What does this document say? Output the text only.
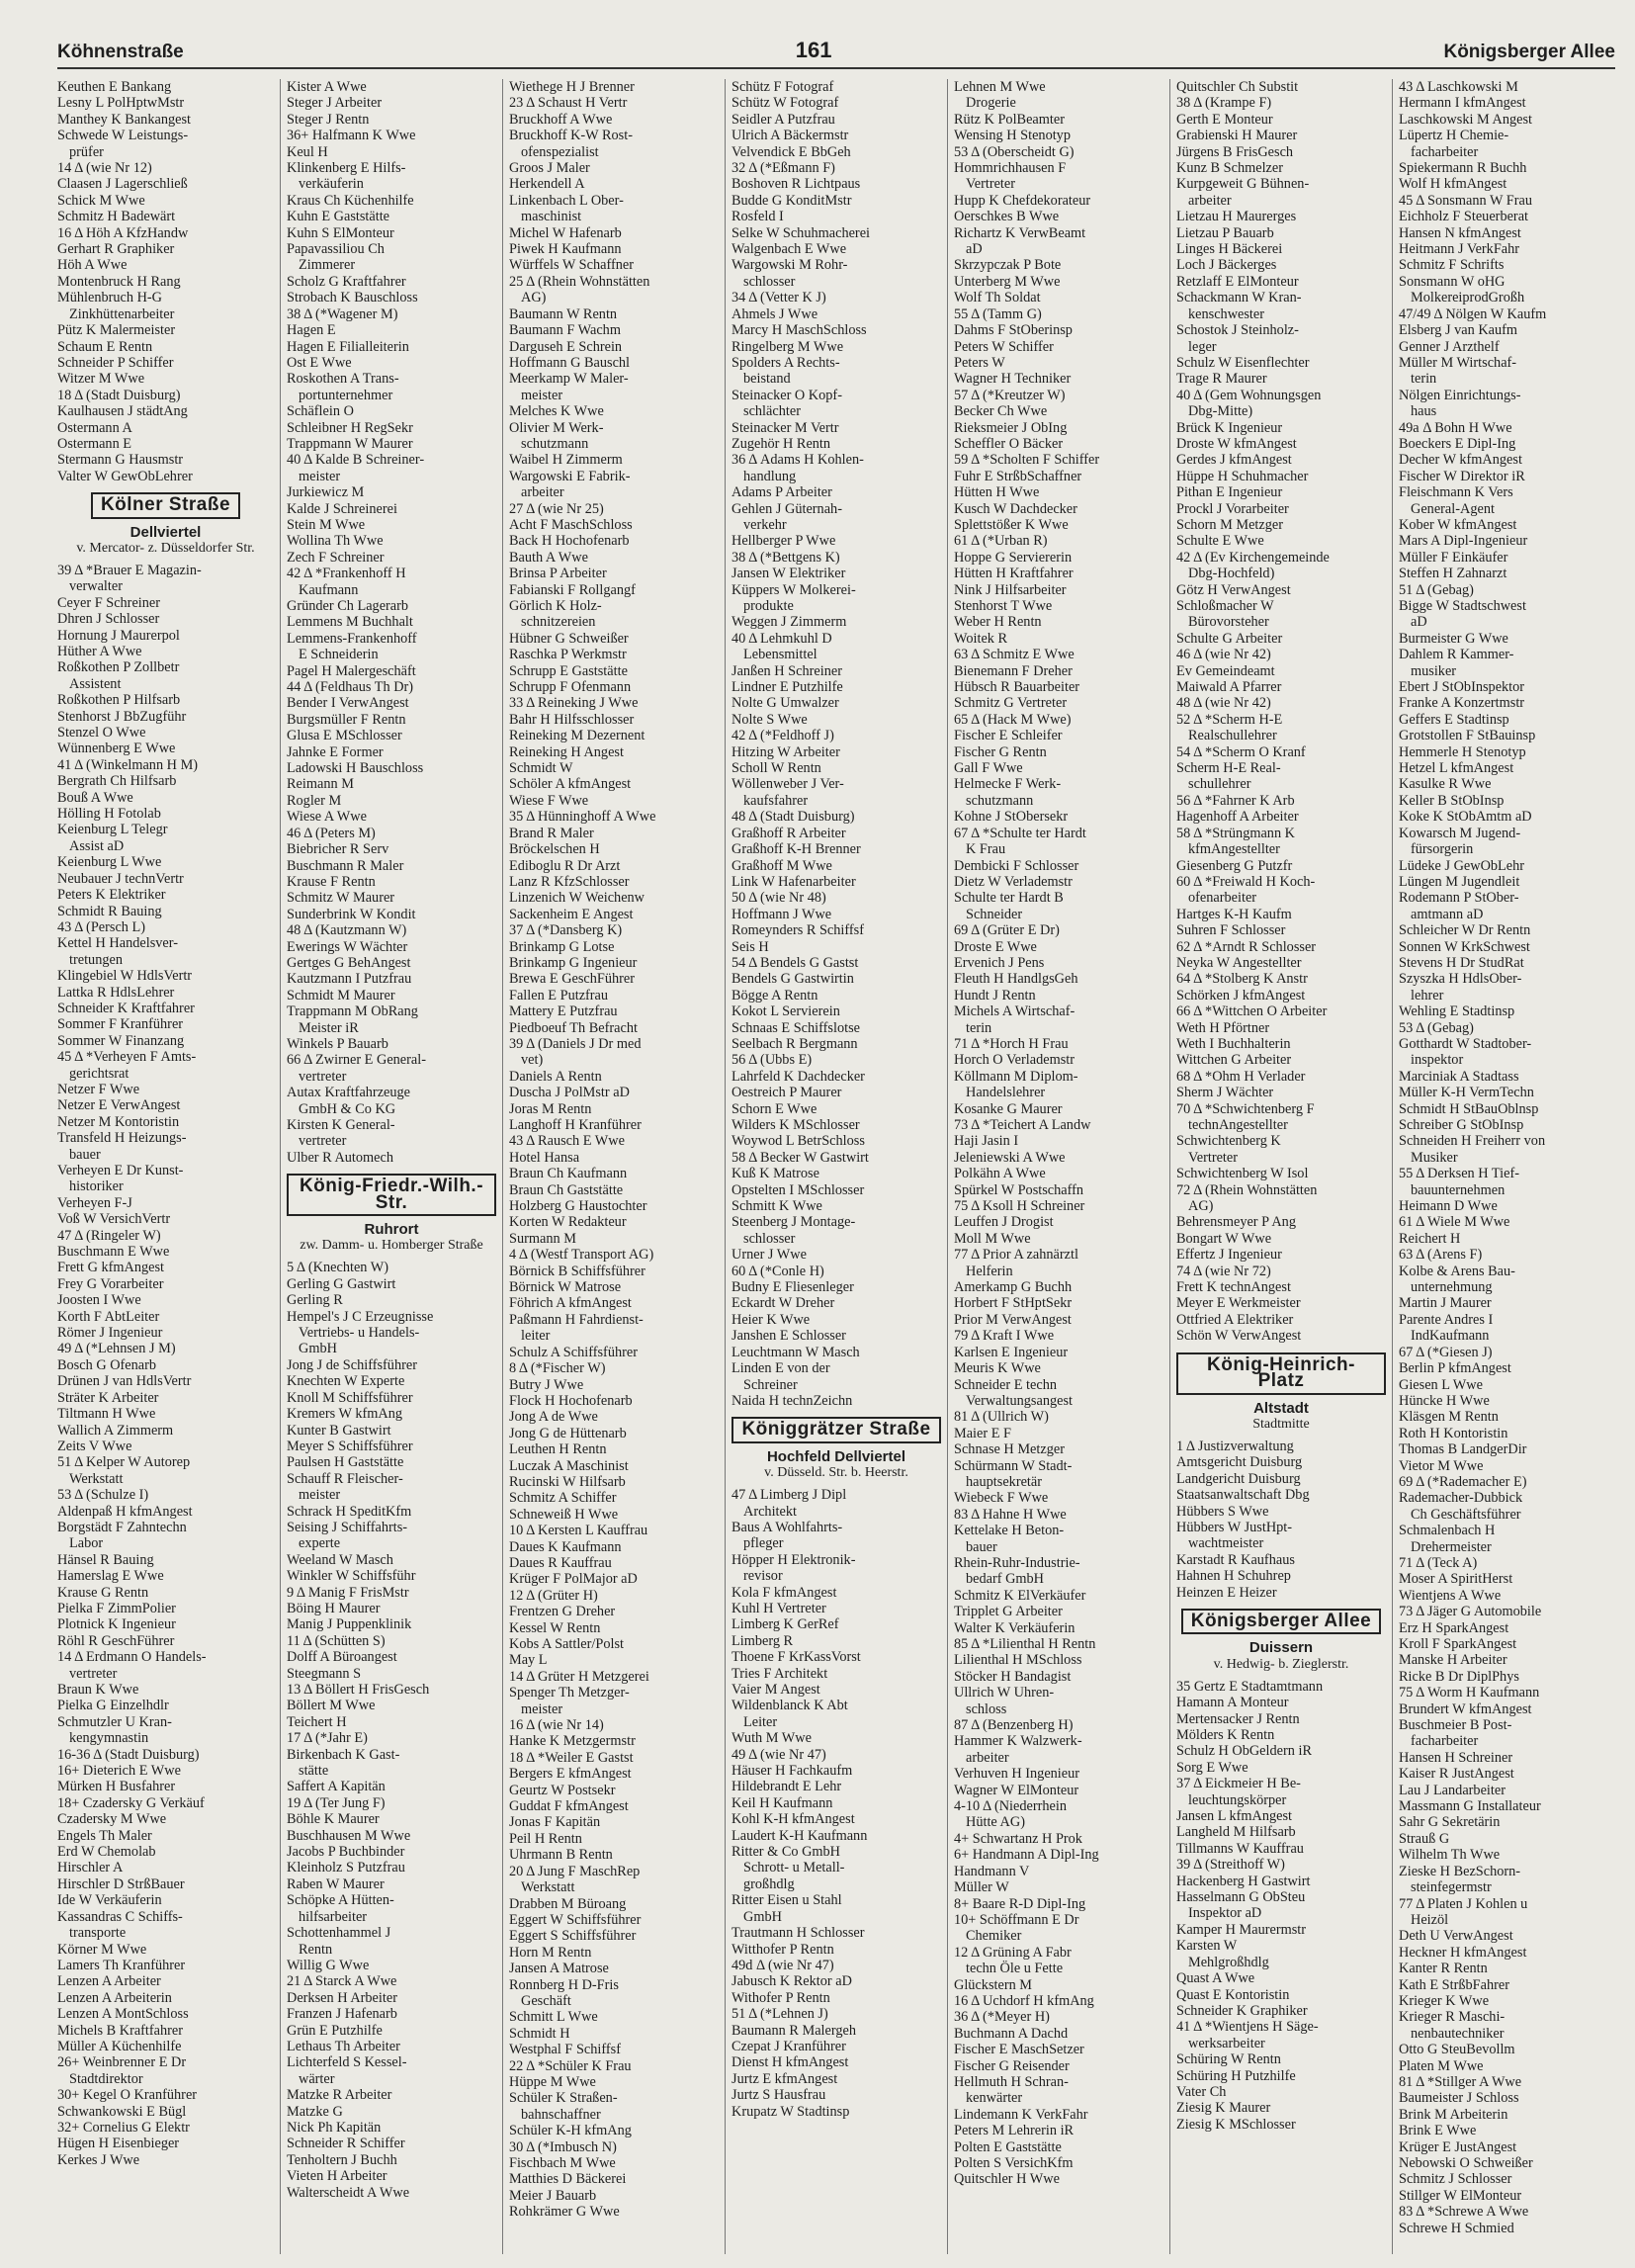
Köhnenstraße	161	Königsberger Allee
Keuthen E Bankang
Lesny L PolHptwMstr
Manthey K Bankangest
Schwede W Leistungs-
prüfer
14 Δ (wie Nr 12)
Claasen J Lagerschließ
Schick M Wwe
Schmitz H Badewärt
16 Δ Höh A KfzHandw
Gerhart R Graphiker
Höh A Wwe
Montenbruck H Rang
Mühlenbruch H-G
Zinkhüttenarbeiter
Pütz K Malermeister
Schaum E Rentn
Schneider P Schiffer
Witzer M Wwe
18 Δ (Stadt Duisburg)
Kaulhausen J städtAng
Ostermann A
Ostermann E
Stermann G Hausmstr
Valter W GewObLehrer
Kölner Straße
Dellviertel
v. Mercator- z. Düsseldorfer Str.
39 Δ *Brauer E Magazin-
verwalter
Ceyer F Schreiner
Dhren J Schlosser
Hornung J Maurerpol
Hüther A Wwe
Roßkothen P Zollbetr
Assistent
Roßkothen P Hilfsarb
Stenhorst J BbZugführ
Stenzel O Wwe
Wünnenberg E Wwe
41 Δ (Winkelmann H M)
Bergrath Ch Hilfsarb
Bouß A Wwe
Hölling H Fotolab
Keienburg L Telegr
Assist aD
Keienburg L Wwe
Neubauer J technVertr
Peters K Elektriker
Schmidt R Bauing
43 Δ (Persch L)
Kettel H Handelsver-
tretungen
Klingebiel W HdlsVertr
Lattka R HdlsLehrer
Schneider K Kraftfahrer
Sommer F Kranführer
Sommer W Finanzang
45 Δ *Verheyen F Amts-
gerichtsrat
Netzer F Wwe
Netzer E VerwAngest
Netzer M Kontoristin
Transfeld H Heizungs-
bauer
Verheyen E Dr Kunst-
historiker
Verheyen F-J
Voß W VersichVertr
47 Δ (Ringeler W)
Buschmann E Wwe
Frett G kfmAngest
Frey G Vorarbeiter
Joosten I Wwe
Korth F AbtLeiter
Römer J Ingenieur
49 Δ (*Lehnsen J M)
Bosch G Ofenarb
Drünen J van HdlsVertr
Sträter K Arbeiter
Tiltmann H Wwe
Wallich A Zimmerm
Zeits V Wwe
51 Δ Kelper W Autorep
Werkstatt
53 Δ (Schulze I)
Aldenpaß H kfmAngest
Borgstädt F Zahntechn
Labor
Hänsel R Bauing
Hamerslag E Wwe
Krause G Rentn
Pielka F ZimmPolier
Plotnick K Ingenieur
Röhl R GeschFührer
14 Δ Erdmann O Handels-
vertreter
Braun K Wwe
Pielka G Einzelhdlr
Schmutzler U Kran-
kengymnastin
16-36 Δ (Stadt Duisburg)
16+ Dieterich E Wwe
Mürken H Busfahrer
18+ Czadersky G Verkäuf
Czadersky M Wwe
Engels Th Maler
Erd W Chemolab
Hirschler A
Hirschler D StrßBauer
Ide W Verkäuferin
Kassandras C Schiffs-
transporte
Körner M Wwe
Lamers Th Kranführer
Lenzen A Arbeiter
Lenzen A Arbeiterin
Lenzen A MontSchloss
Michels B Kraftfahrer
Müller A Küchenhilfe
26+ Weinbrenner E Dr
Stadtdirektor
30+ Kegel O Kranführer
Schwankowski E Bügl
32+ Cornelius G Elektr
Hügen H Eisenbieger
Kerkes J Wwe
Kister A Wwe
Steger J Arbeiter
Steger J Rentn
36+ Halfmann K Wwe
Keul H
Klinkenberg E Hilfs-
verkäuferin
Kraus Ch Küchenhilfe
Kuhn E Gaststätte
Kuhn S ElMonteur
Papavassiliou Ch
Zimmerer
Scholz G Kraftfahrer
Strobach K Bauschloss
38 Δ (*Wagener M)
Hagen E
Hagen E Filialleiterin
Ost E Wwe
Roskothen A Trans-
portunternehmer
Schäflein O
Schleibner H RegSekr
Trappmann W Maurer
40 Δ Kalde B Schreiner-
meister
Jurkiewicz M
Kalde J Schreinerei
Stein M Wwe
Wollina Th Wwe
Zech F Schreiner
42 Δ *Frankenhoff H
Kaufmann
Gründer Ch Lagerarb
Lemmens M Buchhalt
Lemmens-Frankenhoff
E Schneiderin
Pagel H Malergeschäft
44 Δ (Feldhaus Th Dr)
Bender I VerwAngest
Burgsmüller F Rentn
Glusa E MSchlosser
Jahnke E Former
Ladowski H Bauschloss
Reimann M
Rogler M
Wiese A Wwe
46 Δ (Peters M)
Biebricher R Serv
Buschmann R Maler
Krause F Rentn
Schmitz W Maurer
Sunderbrink W Kondit
48 Δ (Kautzmann W)
Ewerings W Wächter
Gertges G BehAngest
Kautzmann I Putzfrau
Schmidt M Maurer
Trappmann M ObRang
Meister iR
Winkels P Bauarb
66 Δ Zwirner E General-
vertreter
Autax Kraftfahrzeuge
GmbH & Co KG
Kirsten K General-
vertreter
Ulber R Automech
König-Friedr.-Wilh.-Str.
Ruhrort
zw. Damm- u. Homberger Straße
5 Δ (Knechten W)
Gerling G Gastwirt
Gerling R
Hempel's J C Erzeugnisse
Vertriebs- u Handels-
GmbH
Jong J de Schiffsführer
Knechten W Experte
Knoll M Schiffsführer
Kremers W kfmAng
Kunter B Gastwirt
Meyer S Schiffsführer
Paulsen H Gaststätte
Schauff R Fleischer-
meister
Schrack H SpeditKfm
Seising J Schiffahrts-
experte
Weeland W Masch
Winkler W Schiffsführ
9 Δ Manig F FrisMstr
Böing H Maurer
Manig J Puppenklinik
11 Δ (Schütten S)
Dolff A Büroangest
Steegmann S
13 Δ Böllert H FrisGesch
Böllert M Wwe
Teichert H
17 Δ (*Jahr E)
Birkenbach K Gast-
stätte
Saffert A Kapitän
19 Δ (Ter Jung F)
Böhle K Maurer
Buschhausen M Wwe
Jacobs P Buchbinder
Kleinholz S Putzfrau
Raben W Maurer
Schöpke A Hütten-
hilfsarbeiter
Schottenhammel J
Rentn
Willig G Wwe
21 Δ Starck A Wwe
Derksen H Arbeiter
Franzen J Hafenarb
Grün E Putzhilfe
Lethaus Th Arbeiter
Lichterfeld S Kessel-
wärter
Matzke R Arbeiter
Matzke G
Nick Ph Kapitän
Schneider R Schiffer
Tenholtern J Buchh
Vieten H Arbeiter
Walterscheidt A Wwe
Wiethege H J Brenner
23 Δ Schaust H Vertr
Bruckhoff A Wwe
Bruckhoff K-W Rost-
ofenspezialist
Groos J Maler
Herkendell A
Linkenbach L Ober-
maschinist
Michel W Hafenarb
Piwek H Kaufmann
Würffels W Schaffner
25 Δ (Rhein Wohnstätten
AG)
Baumann W Rentn
Baumann F Wachm
Darguseh E Schrein
Hoffmann G Bauschl
Meerkamp W Maler-
meister
Melches K Wwe
Olivier M Werk-
schutzmann
Waibel H Zimmerm
Wargowski E Fabrik-
arbeiter
27 Δ (wie Nr 25)
Acht F MaschSchloss
Back H Hochofenarb
Bauth A Wwe
Brinsa P Arbeiter
Fabianski F Rollgangf
Görlich K Holz-
schnitzereien
Hübner G Schweißer
Raschka P Werkmstr
Schrupp E Gaststätte
Schrupp F Ofenmann
33 Δ Reineking J Wwe
Bahr H Hilfsschlosser
Reineking M Dezernent
Reineking H Angest
Schmidt W
Schöler A kfmAngest
Wiese F Wwe
35 Δ Hünninghoff A Wwe
Brand R Maler
Bröckelschen H
Ediboglu R Dr Arzt
Lanz R KfzSchlosser
Linzenich W Weichenw
Sackenheim E Angest
37 Δ (*Dansberg K)
Brinkamp G Lotse
Brinkamp G Ingenieur
Brewa E GeschFührer
Fallen E Putzfrau
Mattery E Putzfrau
Piedboeuf Th Befracht
39 Δ (Daniels J Dr med
vet)
Daniels A Rentn
Duscha J PolMstr aD
Joras M Rentn
Langhoff H Kranführer
43 Δ Rausch E Wwe
Hotel Hansa
Braun Ch Kaufmann
Braun Ch Gaststätte
Holzberg G Haustochter
Korten W Redakteur
Surmann M
4 Δ (Westf Transport AG)
Börnick B Schiffsführer
Börnick W Matrose
Föhrich A kfmAngest
Paßmann H Fahrdienst-
leiter
Schulz A Schiffsführer
8 Δ (*Fischer W)
Butry J Wwe
Flock H Hochofenarb
Jong A de Wwe
Jong G de Hüttenarb
Leuthen H Rentn
Luczak A Maschinist
Rucinski W Hilfsarb
Schmitz A Schiffer
Schneweiß H Wwe
10 Δ Kersten L Kauffrau
Daues K Kaufmann
Daues R Kauffrau
Krüger F PolMajor aD
12 Δ (Grüter H)
Frentzen G Dreher
Kessel W Rentn
Kobs A Sattler/Polst
May L
14 Δ Grüter H Metzgerei
Spenger Th Metzger-
meister
16 Δ (wie Nr 14)
Hanke K Metzgermstr
18 Δ *Weiler E Gastst
Bergers E kfmAngest
Geurtz W Postsekr
Guddat F kfmAngest
Jonas F Kapitän
Peil H Rentn
Uhrmann B Rentn
20 Δ Jung F MaschRep
Werkstatt
Drabben M Büroang
Eggert W Schiffsführer
Eggert S Schiffsführer
Horn M Rentn
Jansen A Matrose
Ronnberg H D-Fris
Geschäft
Schmitt L Wwe
Schmidt H
Westphal F Schiffsf
22 Δ *Schüler K Frau
Hüppe M Wwe
Schüler K Straßen-
bahnschaffner
Schüler K-H kfmAng
30 Δ (*Imbusch N)
Fischbach M Wwe
Matthies D Bäckerei
Meier J Bauarb
Rohkrämer G Wwe
Schütz F Fotograf
Schütz W Fotograf
Seidler A Putzfrau
Ulrich A Bäckermstr
Velvendick E BbGeh
32 Δ (*Eßmann F)
Boshoven R Lichtpaus
Budde G KonditMstr
Rosfeld I
Selke W Schuhmacherei
Walgenbach E Wwe
Wargowski M Rohr-
schlosser
34 Δ (Vetter K J)
Ahmels J Wwe
Marcy H MaschSchloss
Ringelberg M Wwe
Spolders A Rechts-
beistand
Steinacker O Kopf-
schlächter
Steinacker M Vertr
Zugehör H Rentn
36 Δ Adams H Kohlen-
handlung
Adams P Arbeiter
Gehlen J Güternah-
verkehr
Hellberger P Wwe
38 Δ (*Bettgens K)
Jansen W Elektriker
Küppers W Molkerei-
produkte
Weggen J Zimmerm
40 Δ Lehmkuhl D
Lebensmittel
Janßen H Schreiner
Lindner E Putzhilfe
Nolte G Umwalzer
Nolte S Wwe
42 Δ (*Feldhoff J)
Hitzing W Arbeiter
Scholl W Rentn
Wöllenweber J Ver-
kaufsfahrer
48 Δ (Stadt Duisburg)
Graßhoff R Arbeiter
Graßhoff K-H Brenner
Graßhoff M Wwe
Link W Hafenarbeiter
50 Δ (wie Nr 48)
Hoffmann J Wwe
Romeynders R Schiffsf
Seis H
54 Δ Bendels G Gastst
Bendels G Gastwirtin
Bögge A Rentn
Kokot L Servierein
Schnaas E Schiffslotse
Seelbach R Bergmann
56 Δ (Ubbs E)
Lahrfeld K Dachdecker
Oestreich P Maurer
Schorn E Wwe
Wilders K MSchlosser
Woywod L BetrSchloss
58 Δ Becker W Gastwirt
Kuß K Matrose
Opstelten I MSchlosser
Schmitt K Wwe
Steenberg J Montage-
schlosser
Urner J Wwe
60 Δ (*Conle H)
Budny E Fliesenleger
Eckardt W Dreher
Heier K Wwe
Janshen E Schlosser
Leuchtmann W Masch
Linden E von der
Schreiner
Naida H technZeichn
Königgrätzer Straße
Hochfeld Dellviertel
v. Düsseld. Str. b. Heerstr.
47 Δ Limberg J Dipl
Architekt
Baus A Wohlfahrts-
pfleger
Höpper H Elektronik-
revisor
Kola F kfmAngest
Kuhl H Vertreter
Limberg K GerRef
Limberg R
Thoene F KrKassVorst
Tries F Architekt
Vaier M Angest
Wildenblanck K Abt
Leiter
Wuth M Wwe
49 Δ (wie Nr 47)
Häuser H Fachkaufm
Hildebrandt E Lehr
Keil H Kaufmann
Kohl K-H kfmAngest
Laudert K-H Kaufmann
Ritter & Co GmbH
Schrott- u Metall-
großhdlg
Ritter Eisen u Stahl
GmbH
Trautmann H Schlosser
Witthofer P Rentn
49d Δ (wie Nr 47)
Jabusch K Rektor aD
Withofer P Rentn
51 Δ (*Lehnen J)
Baumann R Malergeh
Czepat J Kranführer
Dienst H kfmAngest
Jurtz E kfmAngest
Jurtz S Hausfrau
Krupatz W Stadtinsp
Lehnen M Wwe
Drogerie
Rütz K PolBeamter
Wensing H Stenotyp
53 Δ (Oberscheidt G)
Hommrichhausen F
Vertreter
Hupp K Chefdekorateur
Oerschkes B Wwe
Richartz K VerwBeamt
aD
Skrzypczak P Bote
Unterberg M Wwe
Wolf Th Soldat
55 Δ (Tamm G)
Dahms F StOberinsp
Peters W Schiffer
Peters W
Wagner H Techniker
57 Δ (*Kreutzer W)
Becker Ch Wwe
Rieksmeier J ObIng
Scheffler O Bäcker
59 Δ *Scholten F Schiffer
Fuhr E StrßbSchaffner
Hütten H Wwe
Kusch W Dachdecker
Splettstößer K Wwe
61 Δ (*Urban R)
Hoppe G Serviererin
Hütten H Kraftfahrer
Nink J Hilfsarbeiter
Stenhorst T Wwe
Weber H Rentn
Woitek R
63 Δ Schmitz E Wwe
Bienemann F Dreher
Hübsch R Bauarbeiter
Schmitz G Vertreter
65 Δ (Hack M Wwe)
Fischer E Schleifer
Fischer G Rentn
Gall F Wwe
Helmecke F Werk-
schutzmann
Kohne J StObersekr
67 Δ *Schulte ter Hardt
K Frau
Dembicki F Schlosser
Dietz W Verlademstr
Schulte ter Hardt B
Schneider
69 Δ (Grüter E Dr)
Droste E Wwe
Ervenich J Pens
Fleuth H HandlgsGeh
Hundt J Rentn
Michels A Wirtschaf-
terin
71 Δ *Horch H Frau
Horch O Verlademstr
Köllmann M Diplom-
Handelslehrer
Kosanke G Maurer
73 Δ *Teichert A Landw
Haji Jasin I
Jeleniewski A Wwe
Polkähn A Wwe
Spürkel W Postschaffn
75 Δ Ksoll H Schreiner
Leuffen J Drogist
Moll M Wwe
77 Δ Prior A zahnärztl
Helferin
Amerkamp G Buchh
Horbert F StHptSekr
Prior M VerwAngest
79 Δ Kraft I Wwe
Karlsen E Ingenieur
Meuris K Wwe
Schneider E techn
Verwaltungsangest
81 Δ (Ullrich W)
Maier E F
Schnase H Metzger
Schürmann W Stadt-
hauptsekretär
Wiebeck F Wwe
83 Δ Hahne H Wwe
Kettelake H Beton-
bauer
Rhein-Ruhr-Industrie-
bedarf GmbH
Schmitz K ElVerkäufer
Tripplet G Arbeiter
Walter K Verkäuferin
85 Δ *Lilienthal H Rentn
Lilienthal H MSchloss
Stöcker H Bandagist
Ullrich W Uhren-
schloss
87 Δ (Benzenberg H)
Hammer K Walzwerk-
arbeiter
Verhuven H Ingenieur
Wagner W ElMonteur
4-10 Δ (Niederrhein
Hütte AG)
4+ Schwartanz H Prok
6+ Handmann A Dipl-Ing
Handmann V
Müller W
8+ Baare R-D Dipl-Ing
10+ Schöffmann E Dr
Chemiker
12 Δ Grüning A Fabr
techn Öle u Fette
Glückstern M
16 Δ Uchdorf H kfmAng
36 Δ (*Meyer H)
Buchmann A Dachd
Fischer E MaschSetzer
Fischer G Reisender
Hellmuth H Schran-
kenwärter
Lindemann K VerkFahr
Peters M Lehrerin iR
Polten E Gaststätte
Polten S VersichKfm
Quitschler H Wwe
Quitschler Ch Substit
38 Δ (Krampe F)
Gerth E Monteur
Grabienski H Maurer
Jürgens B FrisGesch
Kunz B Schmelzer
Kurpgeweit G Bühnen-
arbeiter
Lietzau H Maurerges
Lietzau P Bauarb
Linges H Bäckerei
Loch J Bäckerges
Retzlaff E ElMonteur
Schackmann W Kran-
kenschwester
Schostok J Steinholz-
leger
Schulz W Eisenflechter
Trage R Maurer
40 Δ (Gem Wohnungsgen
Dbg-Mitte)
Brück K Ingenieur
Droste W kfmAngest
Gerdes J kfmAngest
Hüppe H Schuhmacher
Pithan E Ingenieur
Prockl J Vorarbeiter
Schorn M Metzger
Schulte E Wwe
42 Δ (Ev Kirchengemeinde
Dbg-Hochfeld)
Götz H VerwAngest
Schloßmacher W
Bürovorsteher
Schulte G Arbeiter
46 Δ (wie Nr 42)
Ev Gemeindeamt
Maiwald A Pfarrer
48 Δ (wie Nr 42)
52 Δ *Scherm H-E
Realschullehrer
54 Δ *Scherm O Kranf
Scherm H-E Real-
schullehrer
56 Δ *Fahrner K Arb
Hagenhoff A Arbeiter
58 Δ *Strüngmann K
kfmAngestellter
Giesenberg G Putzfr
60 Δ *Freiwald H Koch-
ofenarbeiter
Hartges K-H Kaufm
Suhren F Schlosser
62 Δ *Arndt R Schlosser
Neyka W Angestellter
64 Δ *Stolberg K Anstr
Schörken J kfmAngest
66 Δ *Wittchen O Arbeiter
Weth H Pförtner
Weth I Buchhalterin
Wittchen G Arbeiter
68 Δ *Ohm H Verlader
Sherm J Wächter
70 Δ *Schwichtenberg F
technAngestellter
Schwichtenberg K
Vertreter
Schwichtenberg W Isol
72 Δ (Rhein Wohnstätten
AG)
Behrensmeyer P Ang
Bongart W Wwe
Effertz J Ingenieur
74 Δ (wie Nr 72)
Frett K technAngest
Meyer E Werkmeister
Ottfried A Elektriker
Schön W VerwAngest
König-Heinrich-Platz
Altstadt
Stadtmitte
1 Δ Justizverwaltung
Amtsgericht Duisburg
Landgericht Duisburg
Staatsanwaltschaft Dbg
Hübbers S Wwe
Hübbers W JustHpt-
wachtmeister
Karstadt R Kaufhaus
Hahnen H Schuhrep
Heinzen E Heizer
Königsberger Allee
Duissern
v. Hedwig- b. Zieglerstr.
35 Gertz E Stadtamtmann
Hamann A Monteur
Mertensacker J Rentn
Mölders K Rentn
Schulz H ObGeldern iR
Sorg E Wwe
37 Δ Eickmeier H Be-
leuchtungskörper
Jansen L kfmAngest
Langheld M Hilfsarb
Tillmanns W Kauffrau
39 Δ (Streithoff W)
Hackenberg H Gastwirt
Hasselmann G ObSteu
Inspektor aD
Kamper H Maurermstr
Karsten W
Mehlgroßhdlg
Quast A Wwe
Quast E Kontoristin
Schneider K Graphiker
41 Δ *Wientjens H Säge-
werksarbeiter
Schüring W Rentn
Schüring H Putzhilfe
Vater Ch
Ziesig K Maurer
Ziesig K MSchlosser
43 Δ Laschkowski M
Hermann I kfmAngest
Laschkowski M Angest
Lüpertz H Chemie-
facharbeiter
Spiekermann R Buchh
Wolf H kfmAngest
45 Δ Sonsmann W Frau
Eichholz F Steuerberat
Hansen N kfmAngest
Heitmann J VerkFahr
Schmitz F Schrifts
Sonsmann W oHG
MolkereiprodGroßh
47/49 Δ Nölgen W Kaufm
Elsberg J van Kaufm
Genner J Arzthelf
Müller M Wirtschaf-
terin
Nölgen Einrichtungs-
haus
49a Δ Bohn H Wwe
Boeckers E Dipl-Ing
Decher W kfmAngest
Fischer W Direktor iR
Fleischmann K Vers
General-Agent
Kober W kfmAngest
Mars A Dipl-Ingenieur
Müller F Einkäufer
Steffen H Zahnarzt
51 Δ (Gebag)
Bigge W Stadtschwest
aD
Burmeister G Wwe
Dahlem R Kammer-
musiker
Ebert J StObInspektor
Franke A Konzertmstr
Geffers E Stadtinsp
Grotstollen F StBauinsp
Hemmerle H Stenotyp
Hetzel L kfmAngest
Kasulke R Wwe
Keller B StObInsp
Koke K StObAmtm aD
Kowarsch M Jugend-
fürsorgerin
Lüdeke J GewObLehr
Lüngen M Jugendleit
Rodemann P StOber-
amtmann aD
Schleicher W Dr Rentn
Sonnen W KrkSchwest
Stevens H Dr StudRat
Szyszka H HdlsOber-
lehrer
Wehling E Stadtinsp
53 Δ (Gebag)
Gotthardt W Stadtober-
inspektor
Marciniak A Stadtass
Müller K-H VermTechn
Schmidt H StBauOblnsp
Schreiber G StObInsp
Schneiden H Freiherr von
Musiker
55 Δ Derksen H Tief-
bauunternehmen
Heimann D Wwe
61 Δ Wiele M Wwe
Reichert H
63 Δ (Arens F)
Kolbe & Arens Bau-
unternehmung
Martin J Maurer
Parente Andres I
IndKaufmann
67 Δ (*Giesen J)
Berlin P kfmAngest
Giesen L Wwe
Hüncke H Wwe
Kläsgen M Rentn
Roth H Kontoristin
Thomas B LandgerDir
Vietor M Wwe
69 Δ (*Rademacher E)
Rademacher-Dubbick
Ch Geschäftsführer
Schmalenbach H
Drehermeister
71 Δ (Teck A)
Moser A SpiritHerst
Wientjens A Wwe
73 Δ Jäger G Automobile
Erz H SparkAngest
Kroll F SparkAngest
Manske H Arbeiter
Ricke B Dr DiplPhys
75 Δ Worm H Kaufmann
Brundert W kfmAngest
Buschmeier B Post-
facharbeiter
Hansen H Schreiner
Kaiser R JustAngest
Lau J Landarbeiter
Massmann G Installateur
Sahr G Sekretärin
Strauß G
Wilhelm Th Wwe
Zieske H BezSchorn-
steinfegermstr
77 Δ Platen J Kohlen u
Heizöl
Deth U VerwAngest
Heckner H kfmAngest
Kanter R Rentn
Kath E StrßbFahrer
Krieger K Wwe
Krieger R Maschi-
nenbautechniker
Otto G SteuBevollm
Platen M Wwe
81 Δ *Stillger A Wwe
Baumeister J Schloss
Brink M Arbeiterin
Brink E Wwe
Krüger E JustAngest
Nebowski O Schweißer
Schmitz J Schlosser
Stillger W ElMonteur
83 Δ *Schrewe A Wwe
Schrewe H Schmied
